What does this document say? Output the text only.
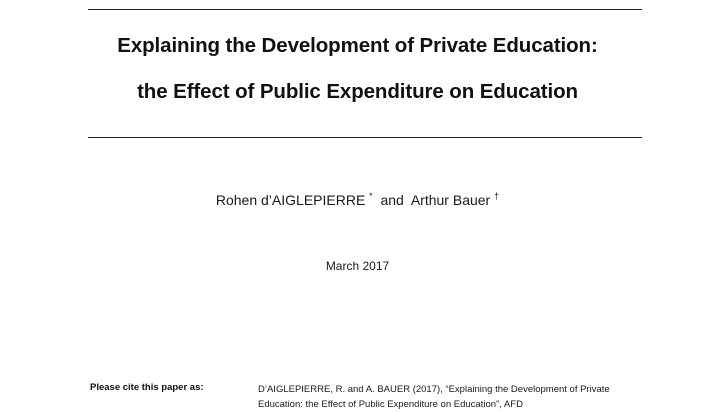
Explaining the Development of Private Education:
the Effect of Public Expenditure on Education
Rohen d’AIGLEPIERRE *  and  Arthur Bauer †
March 2017
Please cite this paper as:	D’AIGLEPIERRE, R. and A. BAUER (2017), “Explaining the Development of Private Education: the Effect of Public Expenditure on Education”, AFD
